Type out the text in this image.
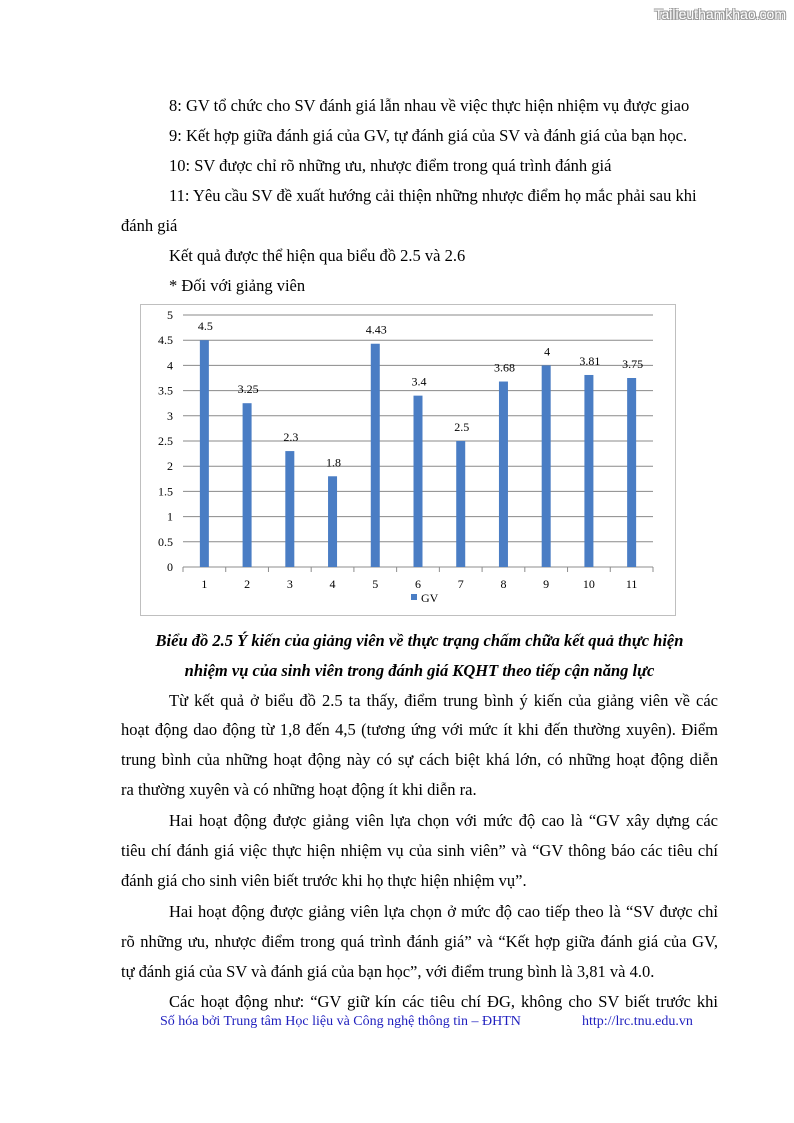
Tailieuthamkhao.com
8: GV tổ chức cho SV đánh giá lẫn nhau về việc thực hiện nhiệm vụ được giao
9: Kết hợp giữa đánh giá của GV, tự đánh giá của SV và đánh giá của bạn học.
10: SV được chỉ rõ những ưu, nhược điểm trong quá trình đánh giá
11: Yêu cầu SV đề xuất hướng cải thiện những nhược điểm họ mắc phải sau khi
đánh giá
Kết quả được thể hiện qua biểu đồ 2.5 và 2.6
* Đối với giảng viên
0
0.5
1
1.5
2
2.5
3
3.5
4
4.5
5
1
4.5
2
3.25
3
2.3
4
1.8
5
4.43
6
3.4
7
2.5
8
3.68
9
4
10
3.81
11
3.75
GV
Biểu đồ 2.5 Ý kiến của giảng viên về thực trạng chấm chữa kết quả thực hiện
nhiệm vụ của sinh viên trong đánh giá KQHT theo tiếp cận năng lực
Từ kết quả ở biểu đồ 2.5 ta thấy, điểm trung bình ý kiến của giảng viên về các
hoạt động dao động từ 1,8 đến 4,5 (tương ứng với mức ít khi đến thường xuyên). Điểm
trung bình của những hoạt động này có sự cách biệt khá lớn, có những hoạt động diễn
ra thường xuyên và có những hoạt động ít khi diễn ra.
Hai hoạt động được giảng viên lựa chọn với mức độ cao là “GV xây dựng các
tiêu chí đánh giá việc thực hiện nhiệm vụ của sinh viên” và “GV thông báo các tiêu chí
đánh giá cho sinh viên biết trước khi họ thực hiện nhiệm vụ”.
Hai hoạt động được giảng viên lựa chọn ở mức độ cao tiếp theo là “SV được chỉ
rõ những ưu, nhược điểm trong quá trình đánh giá” và “Kết hợp giữa đánh giá của GV,
tự đánh giá của SV và đánh giá của bạn học”, với điểm trung bình là 3,81 và 4.0.
Các hoạt động như: “GV giữ kín các tiêu chí ĐG, không cho SV biết trước khi
Số hóa bởi Trung tâm Học liệu và Công nghệ thông tin – ĐHTN	http://lrc.tnu.edu.vn
